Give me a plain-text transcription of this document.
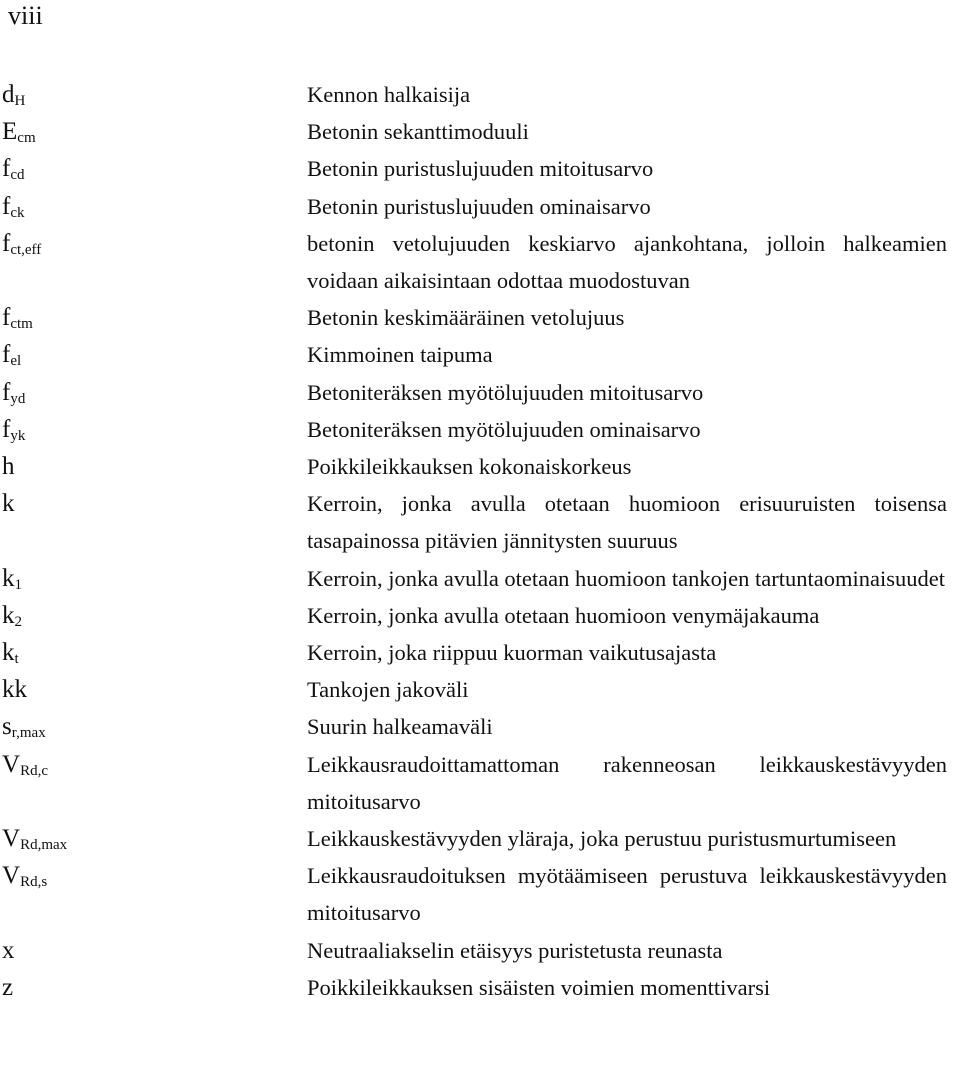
viii
$d_H$	Kennon halkaisija
$E_{cm}$	Betonin sekanttimoduuli
$f_{cd}$	Betonin puristuslujuuden mitoitusarvo
$f_{ck}$	Betonin puristuslujuuden ominaisarvo
$f_{ct,eff}$	betonin vetolujuuden keskiarvo ajankohtana, jolloin halkeamien voidaan aikaisintaan odottaa muodostuvan
$f_{ctm}$	Betonin keskimääräinen vetolujuus
$f_{el}$	Kimmoinen taipuma
$f_{yd}$	Betoniteräksen myötölujuuden mitoitusarvo
$f_{yk}$	Betoniteräksen myötölujuuden ominaisarvo
h	Poikkileikkauksen kokonaiskorkeus
k	Kerroin, jonka avulla otetaan huomioon erisuuruisten toisensa tasapainossa pitävien jännitysten suuruus
$k_1$	Kerroin, jonka avulla otetaan huomioon tankojen tartuntaominaisuudet
$k_2$	Kerroin, jonka avulla otetaan huomioon venymäjakauma
$k_t$	Kerroin, joka riippuu kuorman vaikutusajasta
kk	Tankojen jakoväli
$s_{r,max}$	Suurin halkeamaväli
$V_{Rd,c}$	Leikkausraudoittamattoman rakenneosan leikkauskestävyyden mitoitusarvo
$V_{Rd,max}$	Leikkauskestävyyden yläraja, joka perustuu puristusmurtumiseen
$V_{Rd,s}$	Leikkausraudoituksen myötäämiseen perustuva leikkauskestävyyden mitoitusarvo
x	Neutraaliakselin etäisyys puristetusta reunasta
z	Poikkileikkauksen sisäisten voimien momenttivarsi
